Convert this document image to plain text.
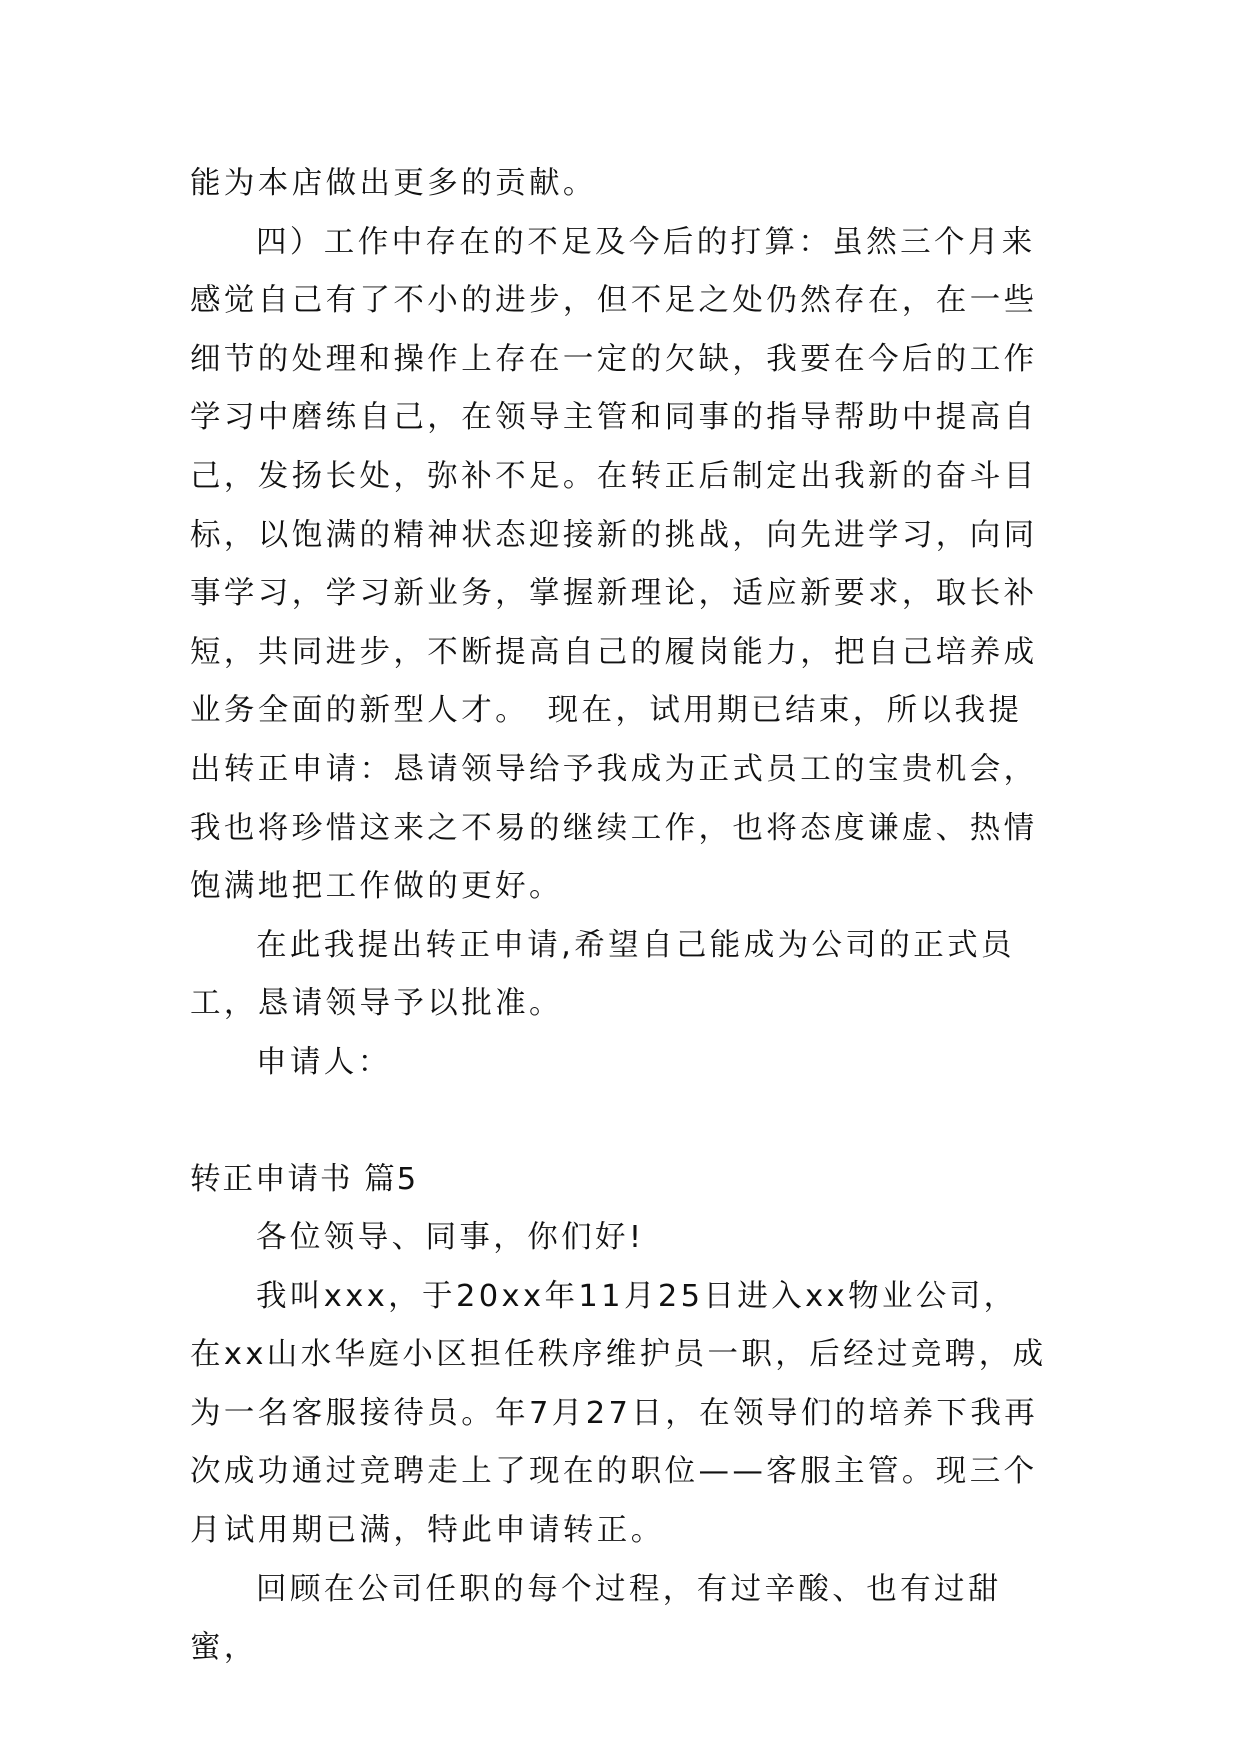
能为本店做出更多的贡献。

四）工作中存在的不足及今后的打算：虽然三个月来感觉自己有了不小的进步，但不足之处仍然存在，在一些细节的处理和操作上存在一定的欠缺，我要在今后的工作学习中磨练自己，在领导主管和同事的指导帮助中提高自己，发扬长处，弥补不足。在转正后制定出我新的奋斗目标，以饱满的精神状态迎接新的挑战，向先进学习，向同事学习，学习新业务，掌握新理论，适应新要求，取长补短，共同进步，不断提高自己的履岗能力，把自己培养成业务全面的新型人才。　现在，试用期已结束，所以我提出转正申请：恳请领导给予我成为正式员工的宝贵机会，我也将珍惜这来之不易的继续工作，也将态度谦虚、热情饱满地把工作做的更好。

在此我提出转正申请,希望自己能成为公司的正式员工，恳请领导予以批准。

申请人：

转正申请书 篇5

各位领导、同事，你们好!

我叫xxx，于20xx年11月25日进入xx物业公司，在xx山水华庭小区担任秩序维护员一职，后经过竞聘，成为一名客服接待员。年7月27日，在领导们的培养下我再次成功通过竞聘走上了现在的职位——客服主管。现三个月试用期已满，特此申请转正。

回顾在公司任职的每个过程，有过辛酸、也有过甜蜜，
